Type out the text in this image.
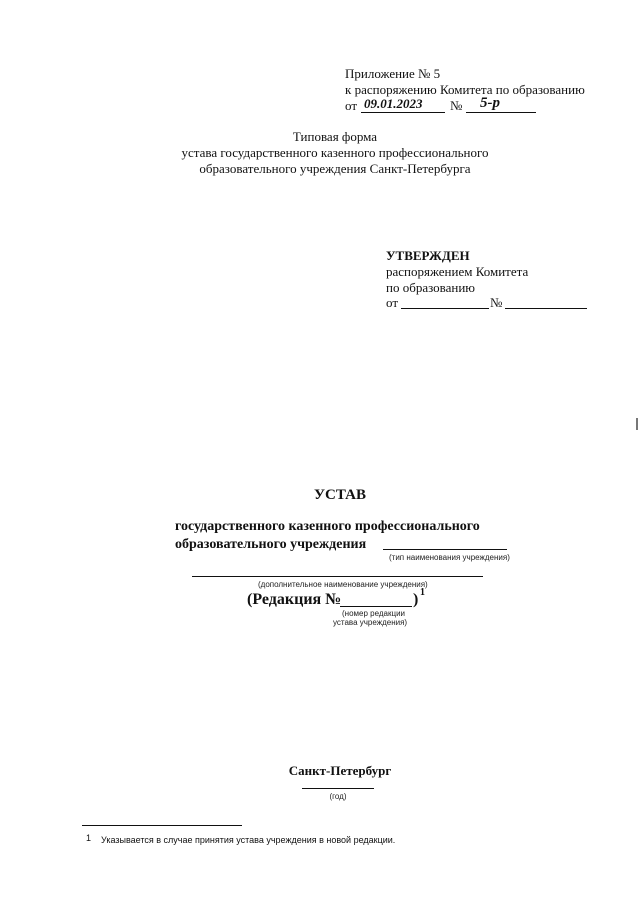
Приложение № 5
к распоряжению Комитета по образованию
от 09.01.2023 № 5-р
Типовая форма
устава государственного казенного профессионального
образовательного учреждения Санкт-Петербурга
УТВЕРЖДЕН
распоряжением Комитета
по образованию
от	№
УСТАВ
государственного казенного профессионального
образовательного учреждения
(тип наименования учреждения)
(дополнительное наименование учреждения)
(Редакция №	) 1
(номер редакции
устава учреждения)
Санкт-Петербург
(год)
1 Указывается в случае принятия устава учреждения в новой редакции.
